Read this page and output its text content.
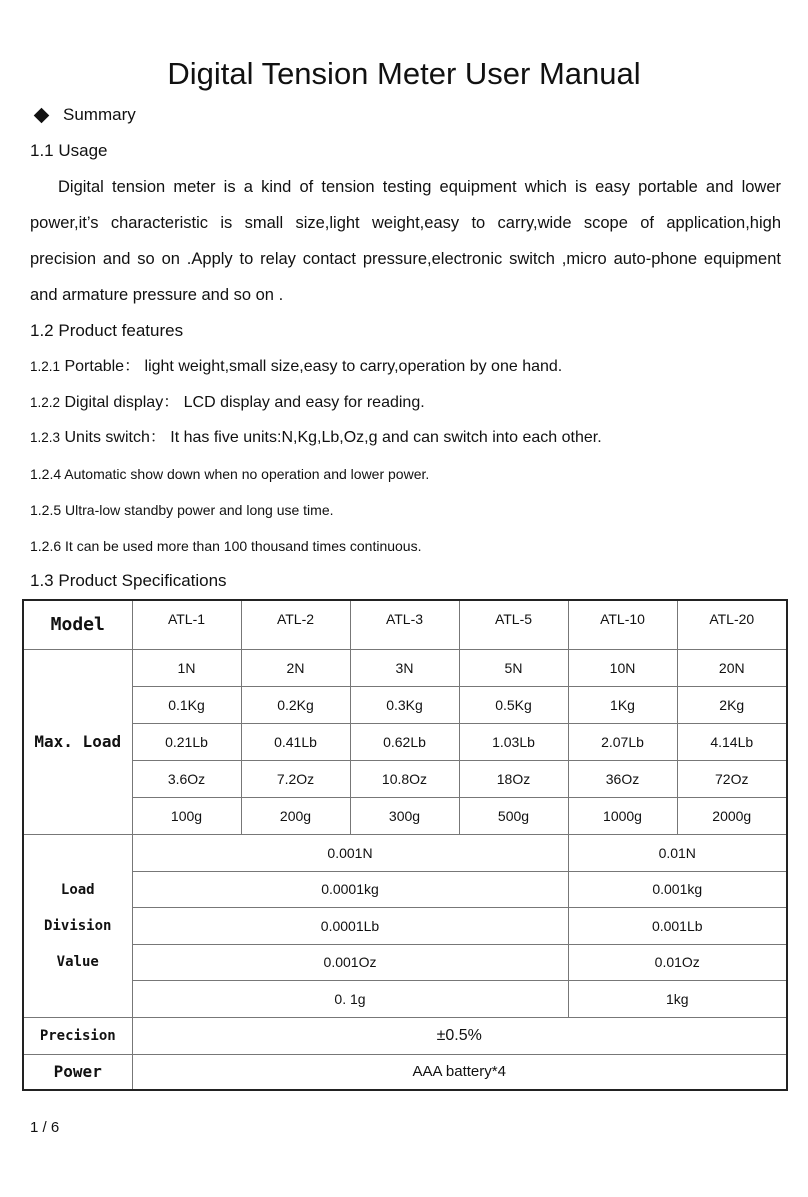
Digital Tension Meter User Manual
Summary
1.1 Usage
Digital tension meter is a kind of tension testing equipment which is easy portable and lower
power,it’s characteristic is small size,light weight,easy to carry,wide scope of application,high
precision and so on .Apply to relay contact pressure,electronic switch ,micro auto-phone equipment
and armature pressure and so on .
1.2 Product features
1.2.1 Portable： light weight,small size,easy to carry,operation by one hand.
1.2.2 Digital display： LCD display and easy for reading.
1.2.3 Units switch： It has five units:N,Kg,Lb,Oz,g and can switch into each other.
1.2.4 Automatic show down when no operation and lower power.
1.2.5 Ultra-low standby power and long use time.
1.2.6 It can be used more than 100 thousand times continuous.
1.3 Product Specifications
Model	ATL-1	ATL-2	ATL-3	ATL-5	ATL-10	ATL-20
Max. Load	1N	2N	3N	5N	10N	20N
	0.1Kg	0.2Kg	0.3Kg	0.5Kg	1Kg	2Kg
	0.21Lb	0.41Lb	0.62Lb	1.03Lb	2.07Lb	4.14Lb
	3.6Oz	7.2Oz	10.8Oz	18Oz	36Oz	72Oz
	100g	200g	300g	500g	1000g	2000g

Load
Division
Value	0.001N				0.01N	
	0.0001kg				0.001kg	
	0.0001Lb				0.001Lb	
	0.001Oz				0.01Oz	
	0. 1g				1kg	
Precision	±0.5%					
Power	AAA battery*4					
1 / 6
